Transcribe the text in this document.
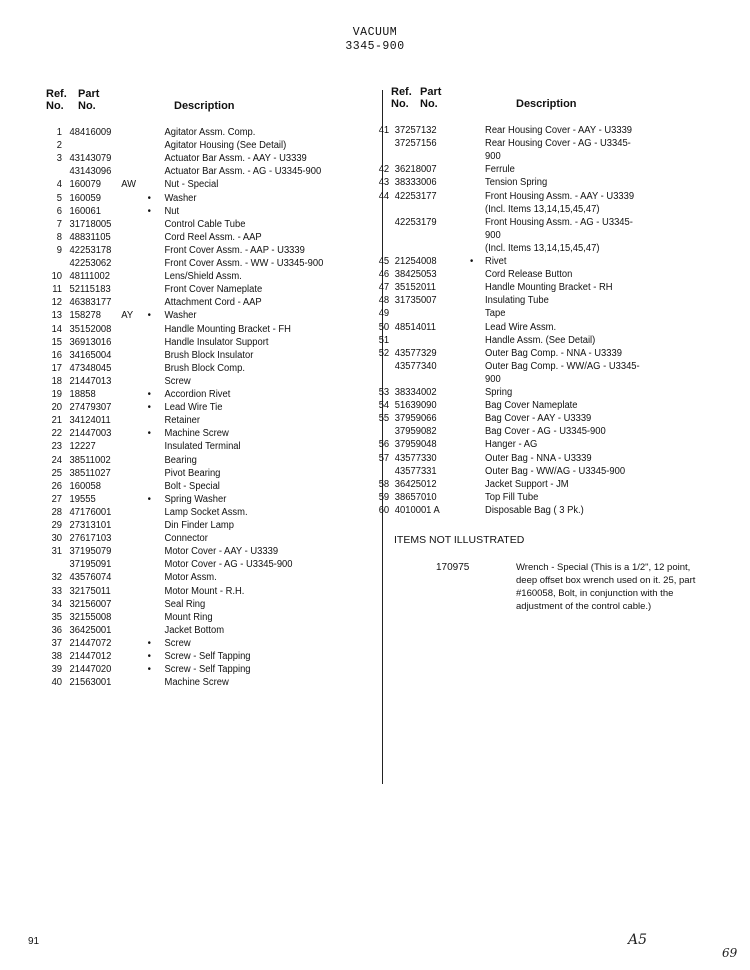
VACUUM
3345-900
Ref.
No.
Part
No.	Description
Ref.
No.
Part
No.	Description
1 48416009	Agitator Assm. Comp.
2	Agitator Housing (See Detail)
3 43143079	Actuator Bar Assm. - AAY - U3339
43143096	Actuator Bar Assm. - AG - U3345-900
4 160079 AW	Nut - Special
5 160059	• Washer
6 160061	• Nut
7 31718005	Control Cable Tube
8 48831105	Cord Reel Assm. - AAP
9 42253178	Front Cover Assm. - AAP - U3339
42253062	Front Cover Assm. - WW - U3345-900
10 48111002	Lens/Shield Assm.
11 52115183	Front Cover Nameplate
12 46383177	Attachment Cord - AAP
13 158278 AY • Washer
14 35152008	Handle Mounting Bracket - FH
15 36913016	Handle Insulator Support
16 34165004	Brush Block Insulator
17 47348045	Brush Block Comp.
18 21447013	Screw
19 18858	• Accordion Rivet
20 27479307	• Lead Wire Tie
21 34124011	Retainer
22 21447003	• Machine Screw
23 12227	Insulated Terminal
24 38511002	Bearing
25 38511027	Pivot Bearing
26 160058	Bolt - Special
27 19555	• Spring Washer
28 47176001	Lamp Socket Assm.
29 27313101	Din Finder Lamp
30 27617103	Connector
31 37195079	Motor Cover - AAY - U3339
37195091	Motor Cover - AG - U3345-900
32 43576074	Motor Assm.
33 32175011	Motor Mount - R.H.
34 32156007	Seal Ring
35 32155008	Mount Ring
36 36425001	Jacket Bottom
37 21447072	• Screw
38 21447012	• Screw - Self Tapping
39 21447020	• Screw - Self Tapping
40 21563001	Machine Screw
41 37257132	Rear Housing Cover - AAY - U3339
37257156	Rear Housing Cover - AG - U3345-
900
42 36218007	Ferrule
43 38333006	Tension Spring
44 42253177	Front Housing Assm. - AAY - U3339
(Incl. Items 13,14,15,45,47)
42253179	Front Housing Assm. - AG - U3345-
900
(Incl. Items 13,14,15,45,47)
45 21254008	• Rivet
46 38425053	Cord Release Button
47 35152011	Handle Mounting Bracket - RH
48 31735007	Insulating Tube
49	Tape
50 48514011	Lead Wire Assm.
51	Handle Assm. (See Detail)
52 43577329	Outer Bag Comp. - NNA - U3339
43577340	Outer Bag Comp. - WW/AG - U3345-
900
53 38334002	Spring
54 51639090	Bag Cover Nameplate
55 37959066	Bag Cover - AAY - U3339
37959082	Bag Cover - AG - U3345-900
56 37959048	Hanger - AG
57 43577330	Outer Bag - NNA - U3339
43577331	Outer Bag - WW/AG - U3345-900
58 36425012	Jacket Support - JM
59 38657010	Top Fill Tube
60 4010001 A	Disposable Bag ( 3 Pk.)
ITEMS NOT ILLUSTRATED
170975	Wrench - Special (This is a 1/2", 12 point, deep offset box wrench used on it. 25, part #160058, Bolt, in conjunction with the adjustment of the control cable.)
91	A5
69
